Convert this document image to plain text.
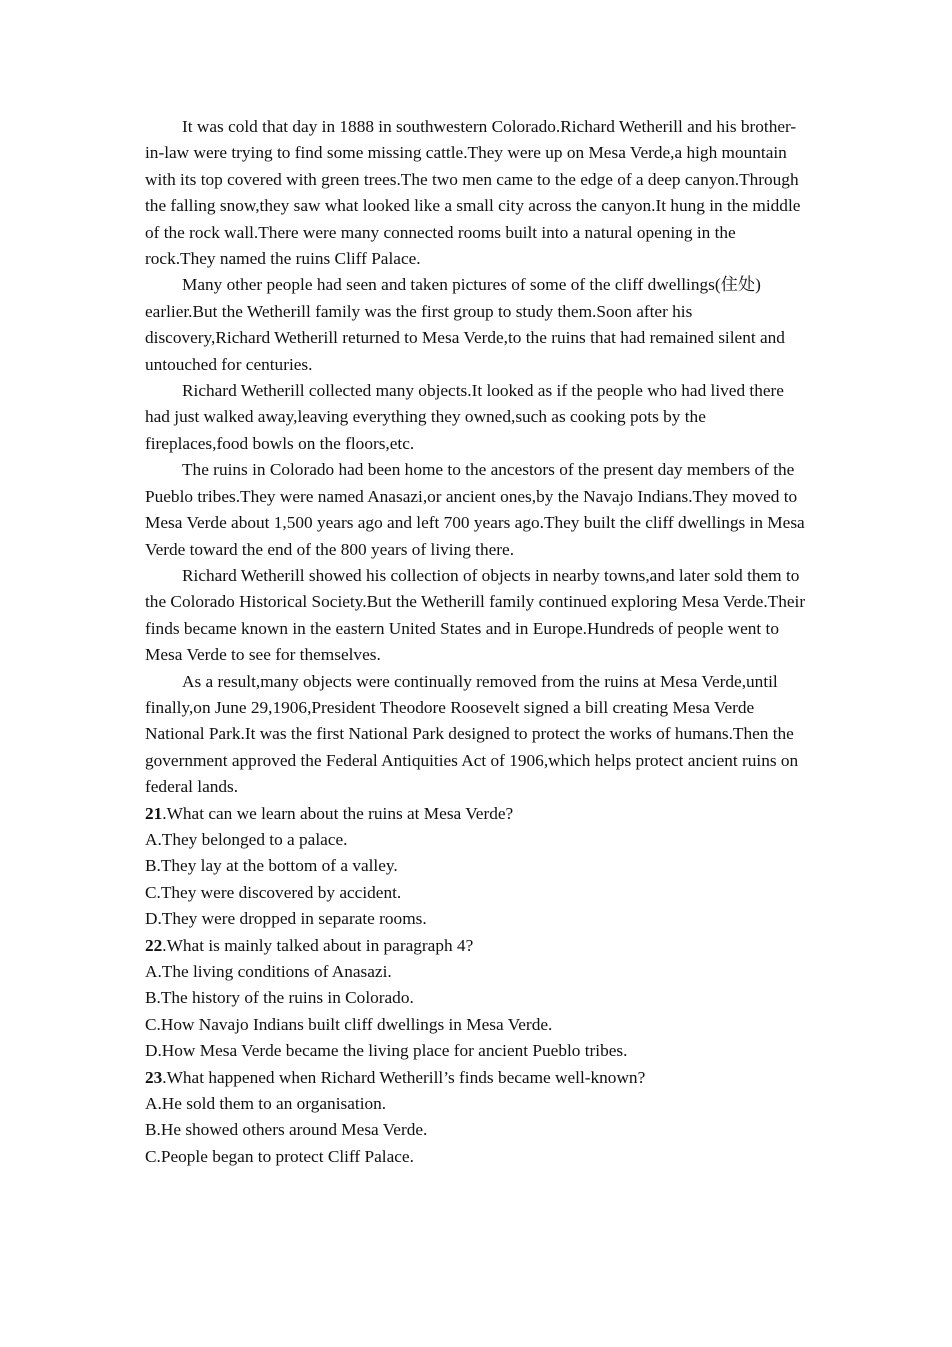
It was cold that day in 1888 in southwestern Colorado.Richard Wetherill and his brother-in-law were trying to find some missing cattle.They were up on Mesa Verde,a high mountain with its top covered with green trees.The two men came to the edge of a deep canyon.Through the falling snow,they saw what looked like a small city across the canyon.It hung in the middle of the rock wall.There were many connected rooms built into a natural opening in the rock.They named the ruins Cliff Palace.

Many other people had seen and taken pictures of some of the cliff dwellings(住处) earlier.But the Wetherill family was the first group to study them.Soon after his discovery,Richard Wetherill returned to Mesa Verde,to the ruins that had remained silent and untouched for centuries.

Richard Wetherill collected many objects.It looked as if the people who had lived there had just walked away,leaving everything they owned,such as cooking pots by the fireplaces,food bowls on the floors,etc.

The ruins in Colorado had been home to the ancestors of the present day members of the Pueblo tribes.They were named Anasazi,or ancient ones,by the Navajo Indians.They moved to Mesa Verde about 1,500 years ago and left 700 years ago.They built the cliff dwellings in Mesa Verde toward the end of the 800 years of living there.

Richard Wetherill showed his collection of objects in nearby towns,and later sold them to the Colorado Historical Society.But the Wetherill family continued exploring Mesa Verde.Their finds became known in the eastern United States and in Europe.Hundreds of people went to Mesa Verde to see for themselves.

As a result,many objects were continually removed from the ruins at Mesa Verde,until finally,on June 29,1906,President Theodore Roosevelt signed a bill creating Mesa Verde National Park.It was the first National Park designed to protect the works of humans.Then the government approved the Federal Antiquities Act of 1906,which helps protect ancient ruins on federal lands.

21.What can we learn about the ruins at Mesa Verde?

A.They belonged to a palace.

B.They lay at the bottom of a valley.

C.They were discovered by accident.

D.They were dropped in separate rooms.

22.What is mainly talked about in paragraph 4?

A.The living conditions of Anasazi.

B.The history of the ruins in Colorado.

C.How Navajo Indians built cliff dwellings in Mesa Verde.

D.How Mesa Verde became the living place for ancient Pueblo tribes.

23.What happened when Richard Wetherill’s finds became well-known?

A.He sold them to an organisation.

B.He showed others around Mesa Verde.

C.People began to protect Cliff Palace.
